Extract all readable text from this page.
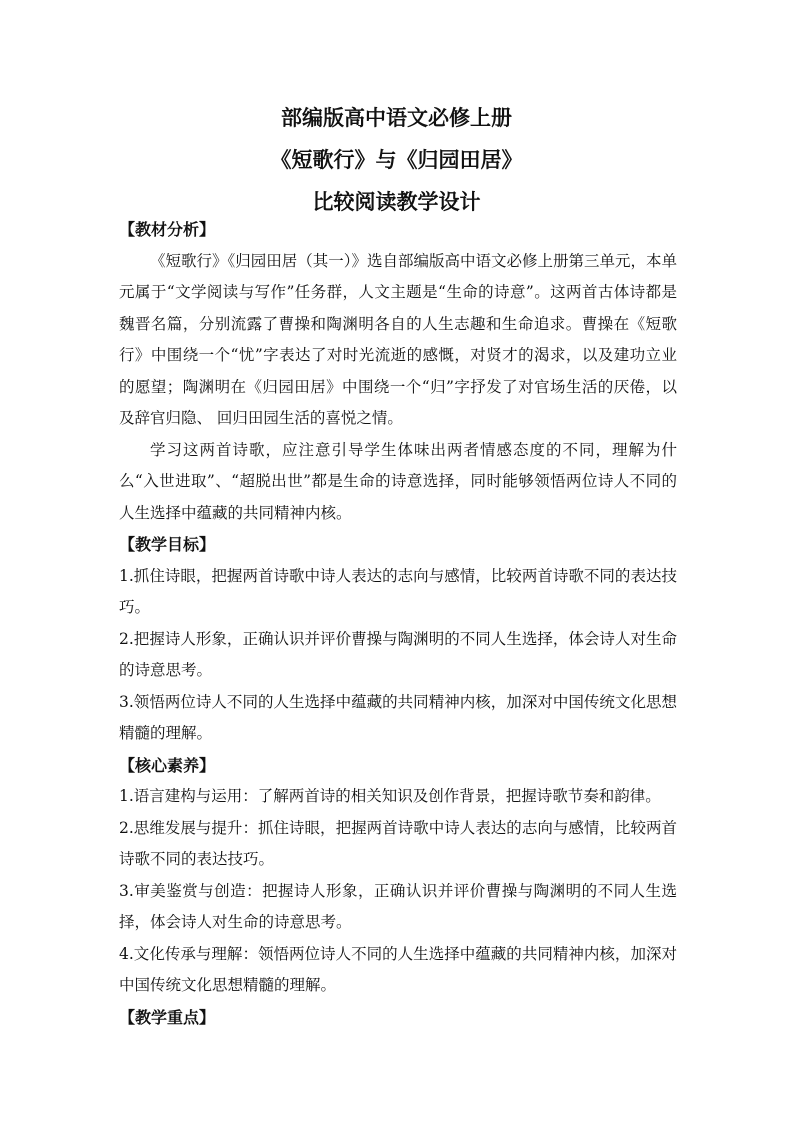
部编版高中语文必修上册
《短歌行》与《归园田居》
比较阅读教学设计

【教材分析】

《短歌行》《归园田居（其一）》选自部编版高中语文必修上册第三单元，本单元属于“文学阅读与写作”任务群，人文主题是“生命的诗意”。这两首古体诗都是魏晋名篇，分别流露了曹操和陶渊明各自的人生志趣和生命追求。曹操在《短歌行》中围绕一个“忧”字表达了对时光流逝的感慨，对贤才的渴求，以及建功立业的愿望；陶渊明在《归园田居》中围绕一个“归”字抒发了对官场生活的厌倦，以及辞官归隐、 回归田园生活的喜悦之情。

学习这两首诗歌，应注意引导学生体味出两者情感态度的不同，理解为什么“入世进取”、“超脱出世”都是生命的诗意选择，同时能够领悟两位诗人不同的人生选择中蕴藏的共同精神内核。

【教学目标】

1.抓住诗眼，把握两首诗歌中诗人表达的志向与感情，比较两首诗歌不同的表达技巧。

2.把握诗人形象，正确认识并评价曹操与陶渊明的不同人生选择，体会诗人对生命的诗意思考。

3.领悟两位诗人不同的人生选择中蕴藏的共同精神内核，加深对中国传统文化思想精髓的理解。

【核心素养】

1.语言建构与运用：了解两首诗的相关知识及创作背景，把握诗歌节奏和韵律。

2.思维发展与提升：抓住诗眼，把握两首诗歌中诗人表达的志向与感情，比较两首诗歌不同的表达技巧。

3.审美鉴赏与创造：把握诗人形象，正确认识并评价曹操与陶渊明的不同人生选择，体会诗人对生命的诗意思考。

4.文化传承与理解：领悟两位诗人不同的人生选择中蕴藏的共同精神内核，加深对中国传统文化思想精髓的理解。

【教学重点】
